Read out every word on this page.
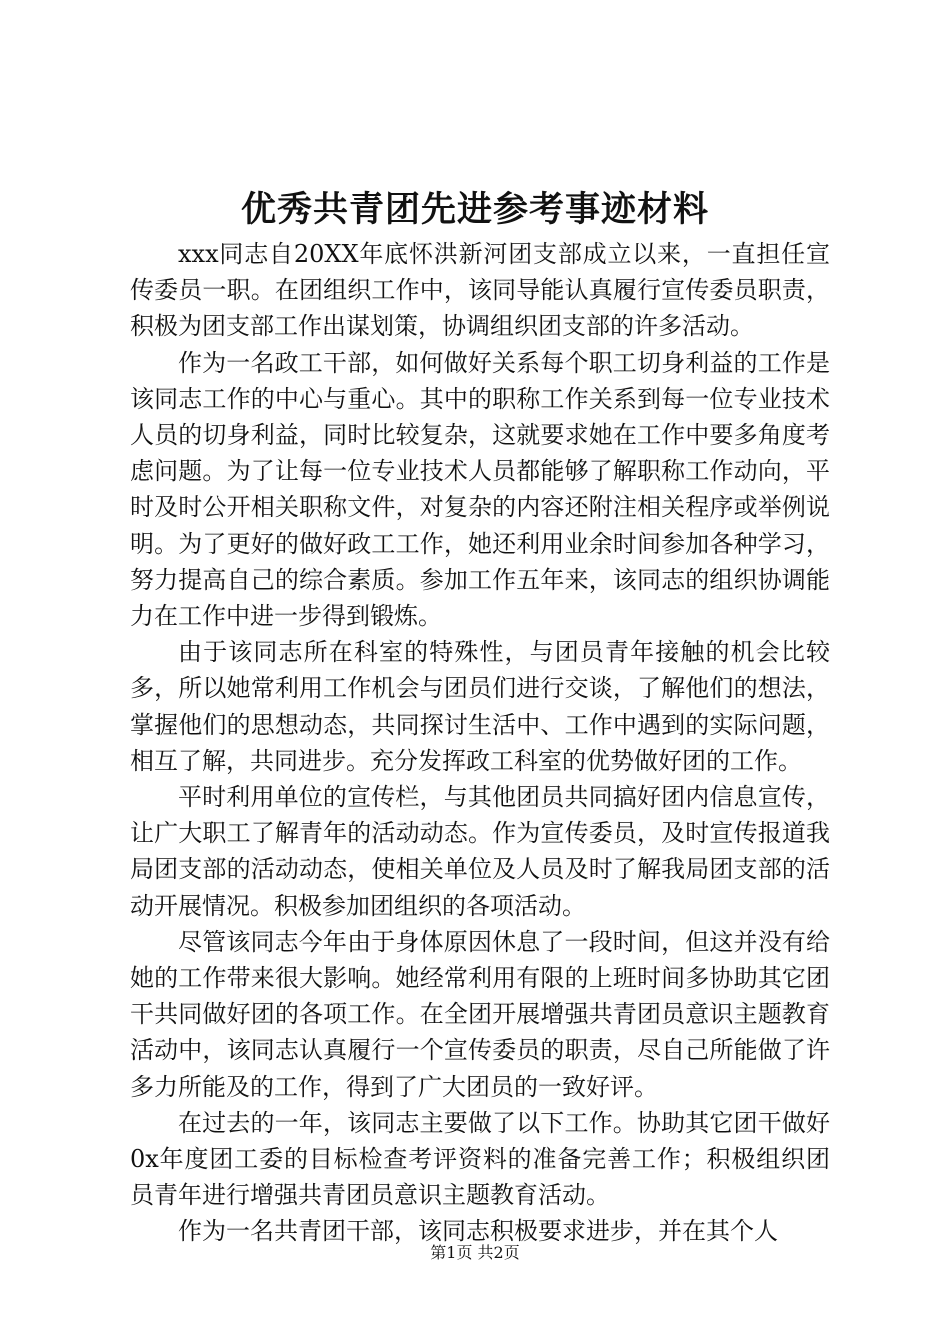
优秀共青团先进参考事迹材料

xxx同志自20XX年底怀洪新河团支部成立以来，一直担任宣传委员一职。在团组织工作中，该同导能认真履行宣传委员职责，积极为团支部工作出谋划策，协调组织团支部的许多活动。

作为一名政工干部，如何做好关系每个职工切身利益的工作是该同志工作的中心与重心。其中的职称工作关系到每一位专业技术人员的切身利益，同时比较复杂，这就要求她在工作中要多角度考虑问题。为了让每一位专业技术人员都能够了解职称工作动向，平时及时公开相关职称文件，对复杂的内容还附注相关程序或举例说明。为了更好的做好政工工作，她还利用业余时间参加各种学习，努力提高自己的综合素质。参加工作五年来，该同志的组织协调能力在工作中进一步得到锻炼。

由于该同志所在科室的特殊性，与团员青年接触的机会比较多，所以她常利用工作机会与团员们进行交谈，了解他们的想法，掌握他们的思想动态，共同探讨生活中、工作中遇到的实际问题，相互了解，共同进步。充分发挥政工科室的优势做好团的工作。

平时利用单位的宣传栏，与其他团员共同搞好团内信息宣传，让广大职工了解青年的活动动态。作为宣传委员，及时宣传报道我局团支部的活动动态，使相关单位及人员及时了解我局团支部的活动开展情况。积极参加团组织的各项活动。

尽管该同志今年由于身体原因休息了一段时间，但这并没有给她的工作带来很大影响。她经常利用有限的上班时间多协助其它团干共同做好团的各项工作。在全团开展增强共青团员意识主题教育活动中，该同志认真履行一个宣传委员的职责，尽自己所能做了许多力所能及的工作，得到了广大团员的一致好评。

在过去的一年，该同志主要做了以下工作。协助其它团干做好0x年度团工委的目标检查考评资料的准备完善工作；积极组织团员青年进行增强共青团员意识主题教育活动。

作为一名共青团干部，该同志积极要求进步，并在其个人

第1页 共2页
